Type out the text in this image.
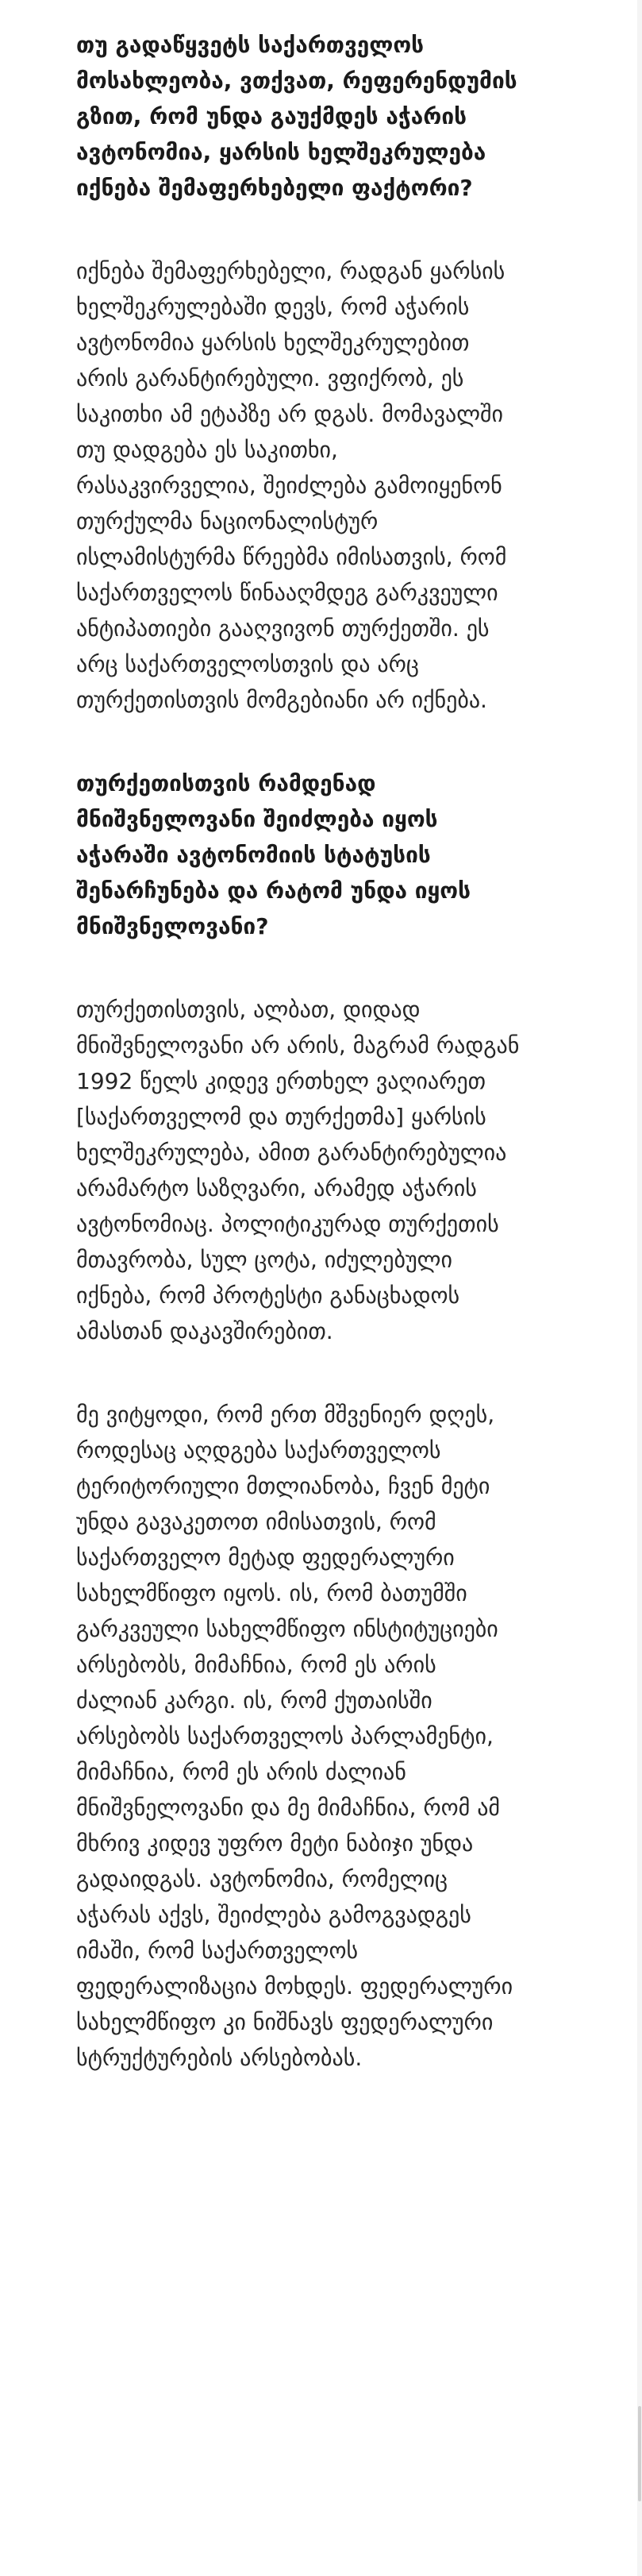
თუ გადაწყვეტს საქართველოს მოსახლეობა, ვთქვათ, რეფერენდუმის გზით, რომ უნდა გაუქმდეს აჭარის ავტონომია, ყარსის ხელშეკრულება იქნება შემაფერხებელი ფაქტორი?

იქნება შემაფერხებელი, რადგან ყარსის ხელშეკრულებაში დევს, რომ აჭარის ავტონომია ყარსის ხელშეკრულებით არის გარანტირებული. ვფიქრობ, ეს საკითხი ამ ეტაპზე არ დგას. მომავალში თუ დადგება ეს საკითხი, რასაკვირველია, შეიძლება გამოიყენონ თურქულმა ნაციონალისტურ ისლამისტურმა წრეებმა იმისათვის, რომ საქართველოს წინააღმდეგ გარკვეული ანტიპათიები გააღვივონ თურქეთში. ეს არც საქართველოსთვის და არც თურქეთისთვის მომგებიანი არ იქნება.

თურქეთისთვის რამდენად მნიშვნელოვანი შეიძლება იყოს აჭარაში ავტონომიის სტატუსის შენარჩუნება და რატომ უნდა იყოს მნიშვნელოვანი?

თურქეთისთვის, ალბათ, დიდად მნიშვნელოვანი არ არის, მაგრამ რადგან 1992 წელს კიდევ ერთხელ ვაღიარეთ [საქართველომ და თურქეთმა] ყარსის ხელშეკრულება, ამით გარანტირებულია არამარტო საზღვარი, არამედ აჭარის ავტონომიაც. პოლიტიკურად თურქეთის მთავრობა, სულ ცოტა, იძულებული იქნება, რომ პროტესტი განაცხადოს ამასთან დაკავშირებით.

მე ვიტყოდი, რომ ერთ მშვენიერ დღეს, როდესაც აღდგება საქართველოს ტერიტორიული მთლიანობა, ჩვენ მეტი უნდა გავაკეთოთ იმისათვის, რომ საქართველო მეტად ფედერალური სახელმწიფო იყოს. ის, რომ ბათუმში გარკვეული სახელმწიფო ინსტიტუციები არსებობს, მიმაჩნია, რომ ეს არის ძალიან კარგი. ის, რომ ქუთაისში არსებობს საქართველოს პარლამენტი, მიმაჩნია, რომ ეს არის ძალიან მნიშვნელოვანი და მე მიმაჩნია, რომ ამ მხრივ კიდევ უფრო მეტი ნაბიჯი უნდა გადაიდგას. ავტონომია, რომელიც აჭარას აქვს, შეიძლება გამოგვადგეს იმაში, რომ საქართველოს ფედერალიზაცია მოხდეს. ფედერალური სახელმწიფო კი ნიშნავს ფედერალური სტრუქტურების არსებობას.
